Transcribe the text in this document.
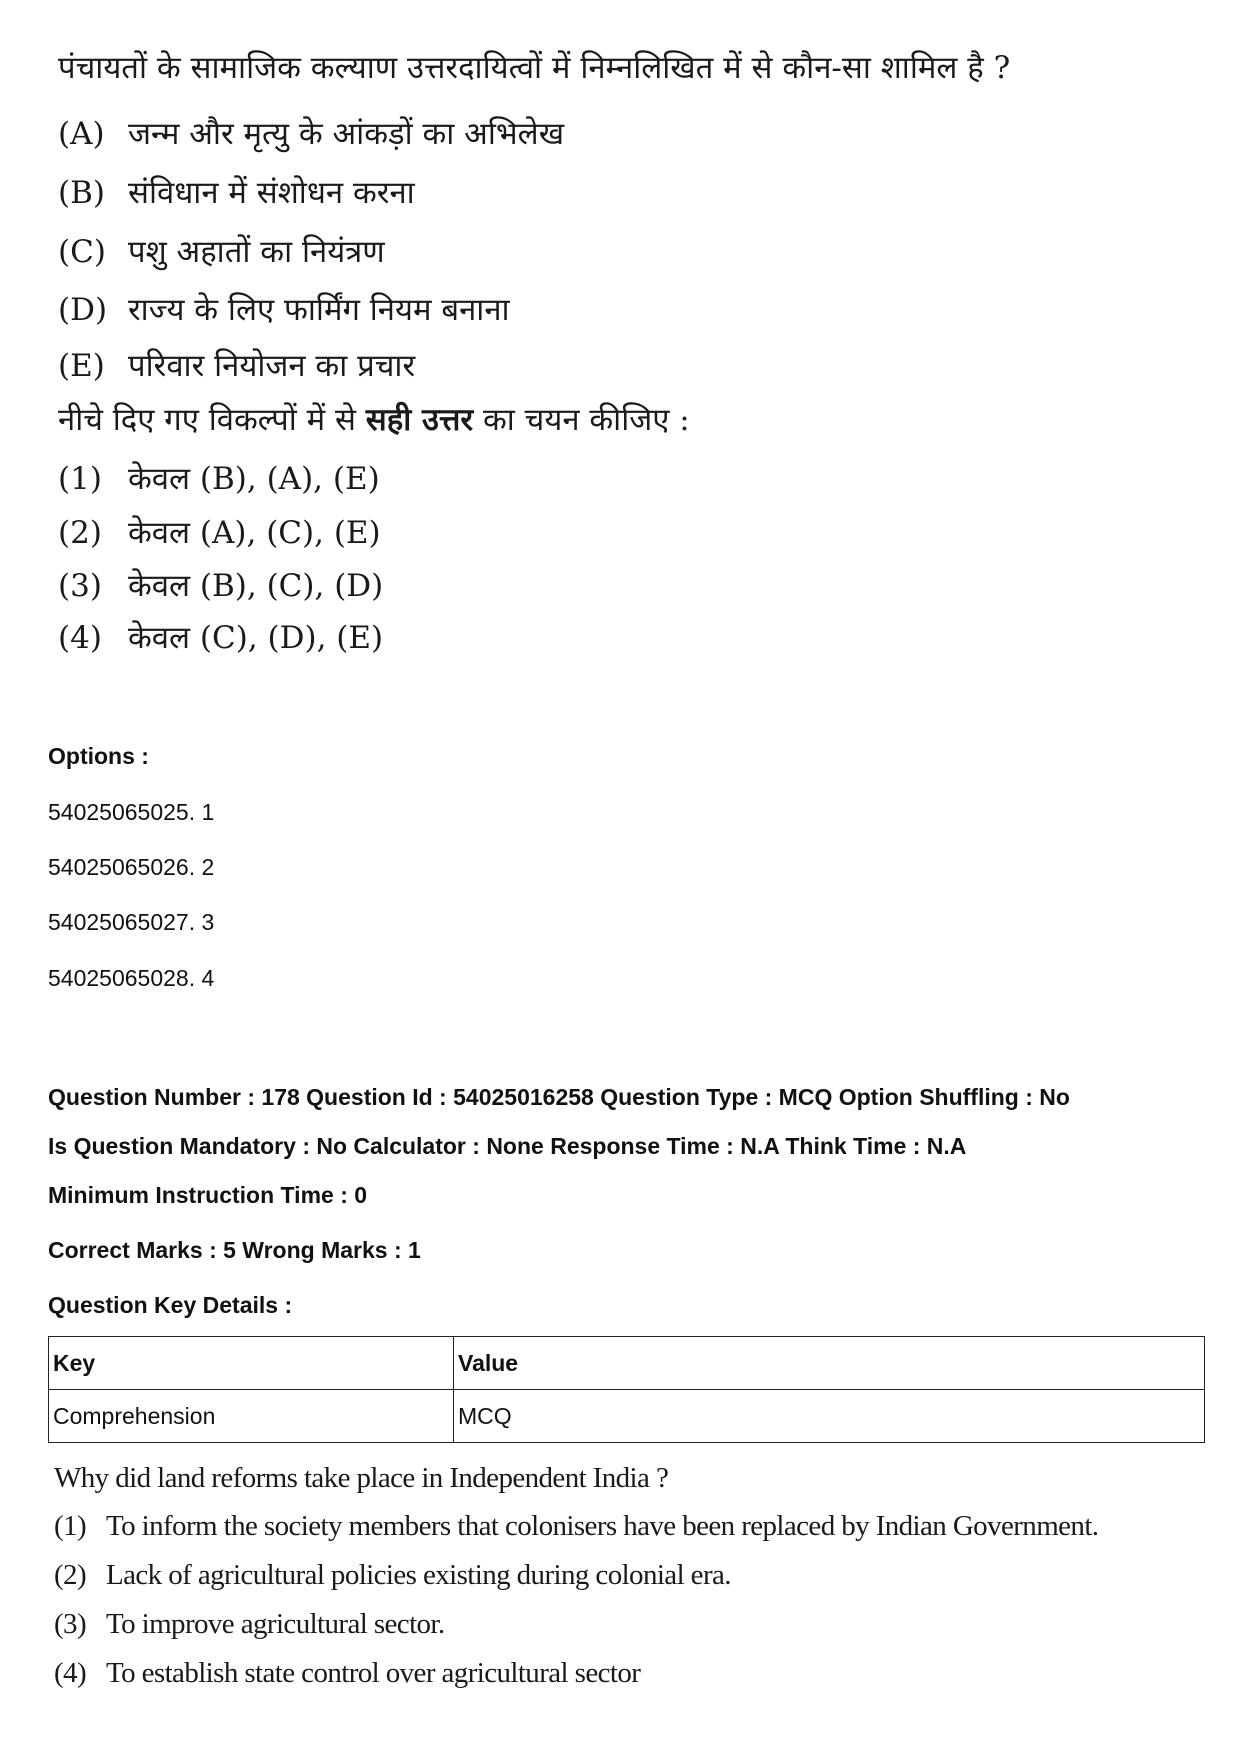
पंचायतों के सामाजिक कल्याण उत्तरदायित्वों में निम्नलिखित में से कौन-सा शामिल है ?
(A) जन्म और मृत्यु के आंकड़ों का अभिलेख
(B) संविधान में संशोधन करना
(C) पशु अहातों का नियंत्रण
(D) राज्य के लिए फार्मिंग नियम बनाना
(E) परिवार नियोजन का प्रचार
नीचे दिए गए विकल्पों में से सही उत्तर का चयन कीजिए :
(1) केवल (B), (A), (E)
(2) केवल (A), (C), (E)
(3) केवल (B), (C), (D)
(4) केवल (C), (D), (E)
Options :
54025065025. 1
54025065026. 2
54025065027. 3
54025065028. 4
Question Number : 178 Question Id : 54025016258 Question Type : MCQ Option Shuffling : No
Is Question Mandatory : No Calculator : None Response Time : N.A Think Time : N.A
Minimum Instruction Time : 0
Correct Marks : 5 Wrong Marks : 1
Question Key Details :
Key	Value
Comprehension	MCQ
Why did land reforms take place in Independent India ?
(1) To inform the society members that colonisers have been replaced by Indian Government.
(2) Lack of agricultural policies existing during colonial era.
(3) To improve agricultural sector.
(4) To establish state control over agricultural sector
